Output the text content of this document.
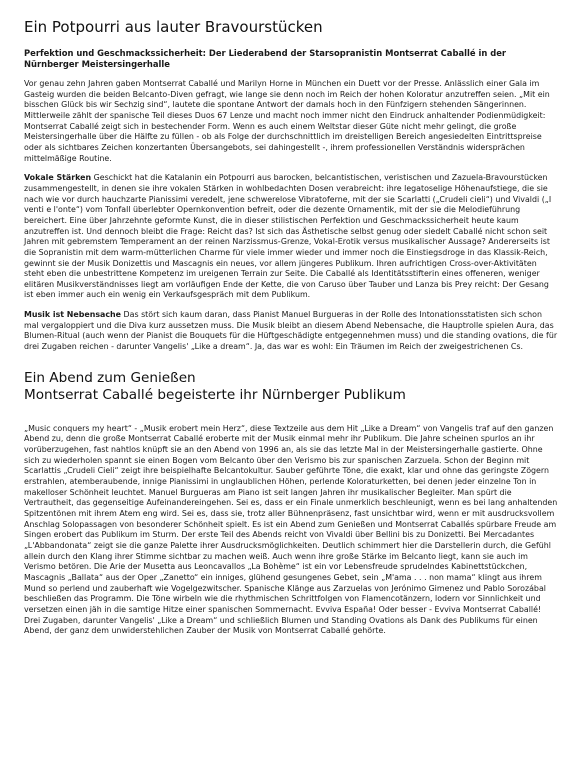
Ein Potpourri aus lauter Bravourstücken
Perfektion und Geschmackssicherheit: Der Liederabend der Starsopranistin Montserrat Caballé in der Nürnberger Meistersingerhalle

Vor genau zehn Jahren gaben Montserrat Caballé und Marilyn Horne in München ein Duett vor der Presse. Anlässlich einer Gala im Gasteig wurden die beiden Belcanto-Diven gefragt, wie lange sie denn noch im Reich der hohen Koloratur anzutreffen seien. „Mit ein bisschen Glück bis wir Sechzig sind“, lautete die spontane Antwort der damals hoch in den Fünfzigern stehenden Sängerinnen. Mittlerweile zählt der spanische Teil dieses Duos 67 Lenze und macht noch immer nicht den Eindruck anhaltender Podienmüdigkeit: Montserrat Caballé zeigt sich in bestechender Form. Wenn es auch einem Weltstar dieser Güte nicht mehr gelingt, die große Meistersingerhalle über die Hälfte zu füllen - ob als Folge der durchschnittlich im dreistelligen Bereich angesiedelten Eintrittspreise oder als sichtbares Zeichen konzertanten Übersangebots, sei dahingestellt -, ihrem professionellen Verständnis widersprächen mittelmäßige Routine.

Vokale Stärken Geschickt hat die Katalanin ein Potpourri aus barocken, belcantistischen, veristischen und Zazuela-Bravourstücken zusammengestellt, in denen sie ihre vokalen Stärken in wohlbedachten Dosen verabreicht: ihre legatoselige Höhenaufstiege, die sie nach wie vor durch hauchzarte Pianissimi veredelt, jene schwerelose Vibratoferne, mit der sie Scarlatti („Crudeli cieli“) und Vivaldi („I venti e l'onte“) vom Tonfall überlebter Opernkonvention befreit, oder die dezente Ornamentik, mit der sie die Melodieführung bereichert. Eine über Jahrzehnte geformte Kunst, die in dieser stilistischen Perfektion und Geschmackssicherheit heute kaum anzutreffen ist. Und dennoch bleibt die Frage: Reicht das? Ist sich das Ästhetische selbst genug oder siedelt Caballé nicht schon seit Jahren mit gebremstem Temperament an der reinen Narzissmus-Grenze, Vokal-Erotik versus musikalischer Aussage? Andererseits ist die Sopranistin mit dem warm-mütterlichen Charme für viele immer wieder und immer noch die Einstiegsdroge in das Klassik-Reich, gewinnt sie der Musik Donizettis und Mascagnis ein neues, vor allem jüngeres Publikum. Ihren aufrichtigen Cross-over-Aktivitäten steht eben die unbestrittene Kompetenz im ureigenen Terrain zur Seite. Die Caballé als Identitätsstifterin eines offeneren, weniger elitären Musikverständnisses liegt am vorläufigen Ende der Kette, die von Caruso über Tauber und Lanza bis Prey reicht: Der Gesang ist eben immer auch ein wenig ein Verkaufsgespräch mit dem Publikum.

Musik ist Nebensache Das stört sich kaum daran, dass Pianist Manuel Burgueras in der Rolle des Intonationsstatisten sich schon mal vergaloppiert und die Diva kurz aussetzen muss. Die Musik bleibt an diesem Abend Nebensache, die Hauptrolle spielen Aura, das Blumen-Ritual (auch wenn der Pianist die Bouquets für die Hüftgeschädigte entgegennehmen muss) und die standing ovations, die für drei Zugaben reichen - darunter Vangelis' „Like a dream“. Ja, das war es wohl: Ein Träumen im Reich der zweigestrichenen Cs.

Ein Abend zum Genießen
Montserrat Caballé begeisterte ihr Nürnberger Publikum

„Music conquers my heart“ - „Musik erobert mein Herz“, diese Textzeile aus dem Hit „Like a Dream“ von Vangelis traf auf den ganzen Abend zu, denn die große Montserrat Caballé eroberte mit der Musik einmal mehr ihr Publikum. Die Jahre scheinen spurlos an ihr vorüberzugehen, fast nahtlos knüpft sie an den Abend von 1996 an, als sie das letzte Mal in der Meistersingerhalle gastierte. Ohne sich zu wiederholen spannt sie einen Bogen vom Belcanto über den Verismo bis zur spanischen Zarzuela. Schon der Beginn mit Scarlattis „Crudeli Cieli“ zeigt ihre beispielhafte Belcantokultur. Sauber geführte Töne, die exakt, klar und ohne das geringste Zögern erstrahlen, atemberaubende, innige Pianissimi in unglaublichen Höhen, perlende Koloraturketten, bei denen jeder einzelne Ton in makelloser Schönheit leuchtet. Manuel Burgueras am Piano ist seit langen Jahren ihr musikalischer Begleiter. Man spürt die Vertrautheit, das gegenseitige Aufeinandereingehen. Sei es, dass er ein Finale unmerklich beschleunigt, wenn es bei lang anhaltenden Spitzentönen mit ihrem Atem eng wird. Sei es, dass sie, trotz aller Bühnenpräsenz, fast unsichtbar wird, wenn er mit ausdrucksvollem Anschlag Solopassagen von besonderer Schönheit spielt. Es ist ein Abend zum Genießen und Montserrat Caballés spürbare Freude am Singen erobert das Publikum im Sturm. Der erste Teil des Abends reicht von Vivaldi über Bellini bis zu Donizetti. Bei Mercadantes „L'Abbandonata“ zeigt sie die ganze Palette ihrer Ausdrucksmöglichkeiten. Deutlich schimmert hier die Darstellerin durch, die Gefühl allein durch den Klang ihrer Stimme sichtbar zu machen weiß. Auch wenn ihre große Stärke im Belcanto liegt, kann sie auch im Verismo betören. Die Arie der Musetta aus Leoncavallos „La Bohème“ ist ein vor Lebensfreude sprudelndes Kabinettstückchen, Mascagnis „Ballata“ aus der Oper „Zanetto“ ein inniges, glühend gesungenes Gebet, sein „M'ama . . . non mama“ klingt aus ihrem Mund so perlend und zauberhaft wie Vogelgezwitscher. Spanische Klänge aus Zarzuelas von Jerónimo Gimenez und Pablo Sorozábal beschließen das Programm. Die Töne wirbeln wie die rhythmischen Schrittfolgen von Flamencotänzern, lodern vor Sinnlichkeit und versetzen einen jäh in die samtige Hitze einer spanischen Sommernacht. Evviva España! Oder besser - Evviva Montserrat Caballé! Drei Zugaben, darunter Vangelis' „Like a Dream“ und schließlich Blumen und Standing Ovations als Dank des Publikums für einen Abend, der ganz dem unwiderstehlichen Zauber der Musik von Montserrat Caballé gehörte.
